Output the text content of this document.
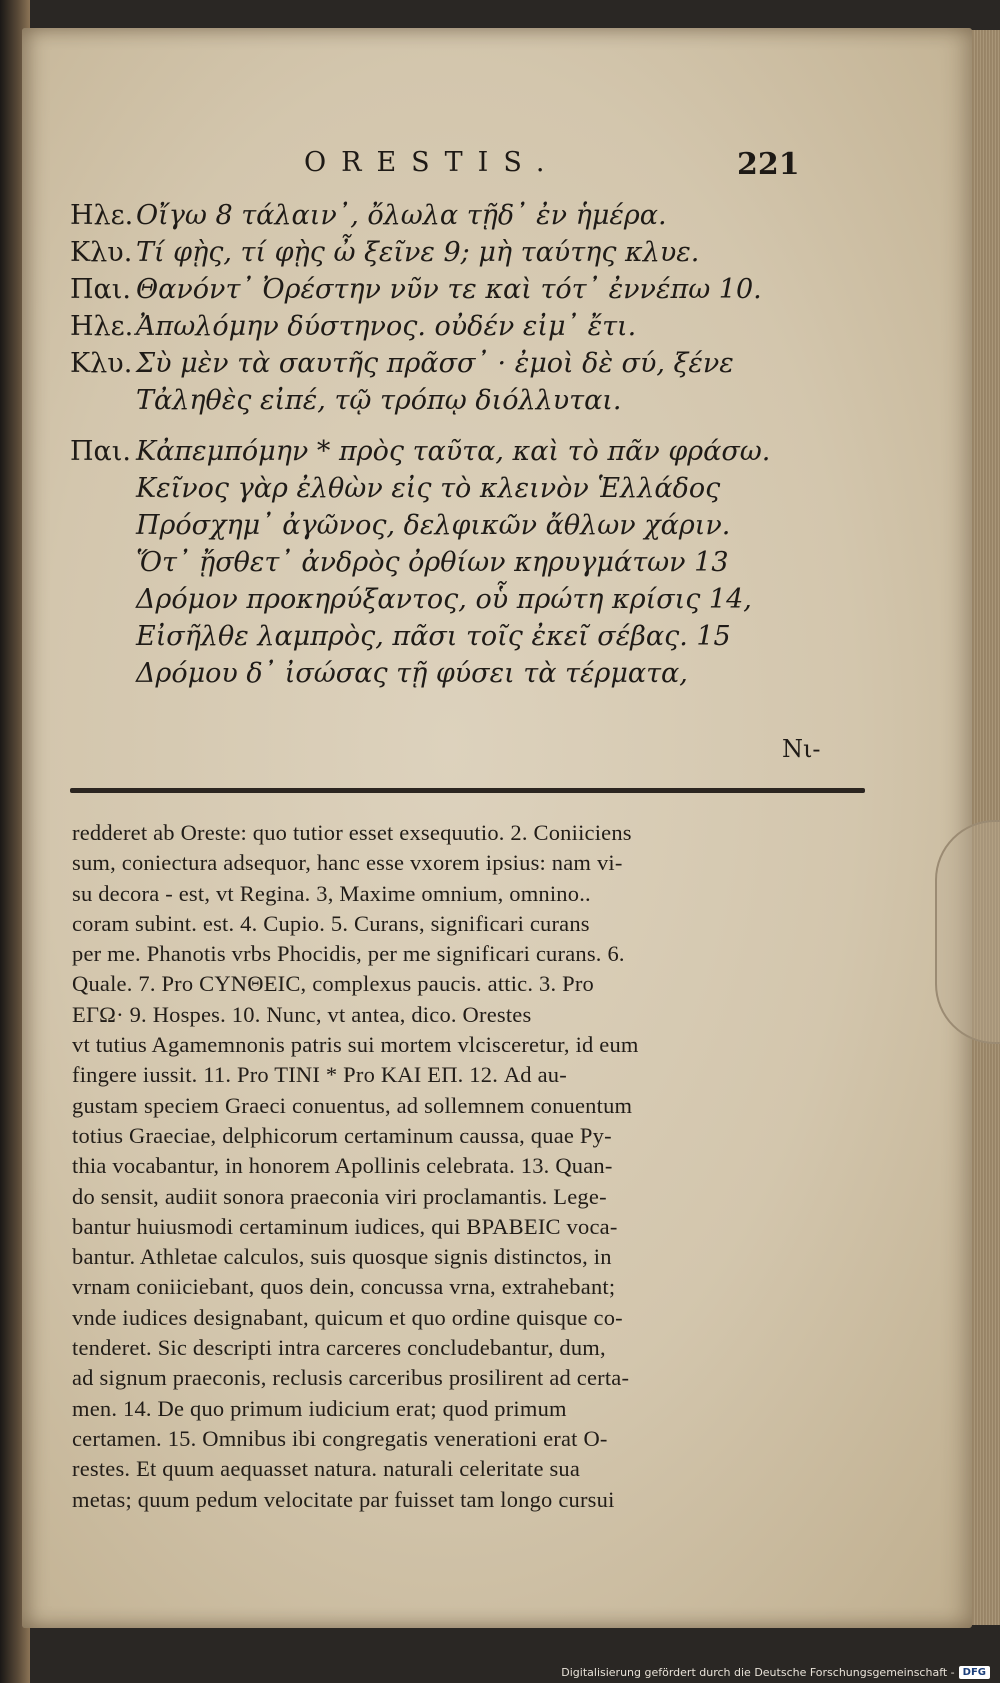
ORESTIS.	221
Ηλε. Οἴγω 8 τάλαιν᾽, ὄλωλα τῇδ᾽ ἐν ἡμέρα.
Κλυ. Τί φῂς, τί φῂς ὦ ξεῖνε 9; μὴ ταύτης κλυε.
Παι. Θανόντ᾽ Ὀρέστην νῦν τε καὶ τότ᾽ ἐννέπω 10.
Ηλε. Ἀπωλόμην δύστηνος. οὐδέν εἰμ᾽ ἔτι.
Κλυ. Σὺ μὲν τὰ σαυτῆς πρᾶσσ᾽ · ἐμοὶ δὲ σύ, ξένε
Τἀληθὲς εἰπέ, τῷ τρόπῳ διόλλυται.
Παι. Κἀπεμπόμην * πρὸς ταῦτα, καὶ τὸ πᾶν φράσω.
Κεῖνος γὰρ ἐλθὼν εἰς τὸ κλεινὸν Ἑλλάδος
Πρόσχημ᾽ ἀγῶνος, δελφικῶν ἄθλων χάριν.
Ὅτ᾽ ᾔσθετ᾽ ἀνδρὸς ὀρθίων κηρυγμάτων 13
Δρόμον προκηρύξαντος, οὗ πρώτη κρίσις 14,
Εἰσῆλθε λαμπρὸς, πᾶσι τοῖς ἐκεῖ σέβας. 15
Δρόμου δ᾽ ἰσώσας τῇ φύσει τὰ τέρματα,
Νι-
redderet ab Oreste: quo tutior esset exsequutio. 2. Coniiciens
sum, coniectura adsequor, hanc esse vxorem ipsius: nam vi-
su decora - est, vt Regina. 3, Maxime omnium, omnino..
coram subint. est. 4. Cupio. 5. Curans, significari curans
per me. Phanotis vrbs Phocidis, per me significari curans. 6.
Quale. 7. Pro CYNΘEIC, complexus paucis. attic. 3. Pro
ΕΓΩ· 9. Hospes. 10. Nunc, vt antea, dico. Orestes
vt tutius Agamemnonis patris sui mortem vlcisceretur, id eum
fingere iussit. 11. Pro TINI * Pro KAI EΠ. 12. Ad au-
gustam speciem Graeci conuentus, ad sollemnem conuentum
totius Graeciae, delphicorum certaminum caussa, quae Py-
thia vocabantur, in honorem Apollinis celebrata. 13. Quan-
do sensit, audiit sonora praeconia viri proclamantis. Lege-
bantur huiusmodi certaminum iudices, qui BPABEIC voca-
bantur. Athletae calculos, suis quosque signis distinctos, in
vrnam coniiciebant, quos dein, concussa vrna, extrahebant;
vnde iudices designabant, quicum et quo ordine quisque co-
tenderet. Sic descripti intra carceres concludebantur, dum,
ad signum praeconis, reclusis carceribus prosilirent ad certa-
men. 14. De quo primum iudicium erat; quod primum
certamen. 15. Omnibus ibi congregatis venerationi erat O-
restes. Et quum aequasset natura. naturali celeritate sua
metas; quum pedum velocitate par fuisset tam longo cursui
Digitalisierung gefördert durch die Deutsche Forschungsgemeinschaft - DFG
